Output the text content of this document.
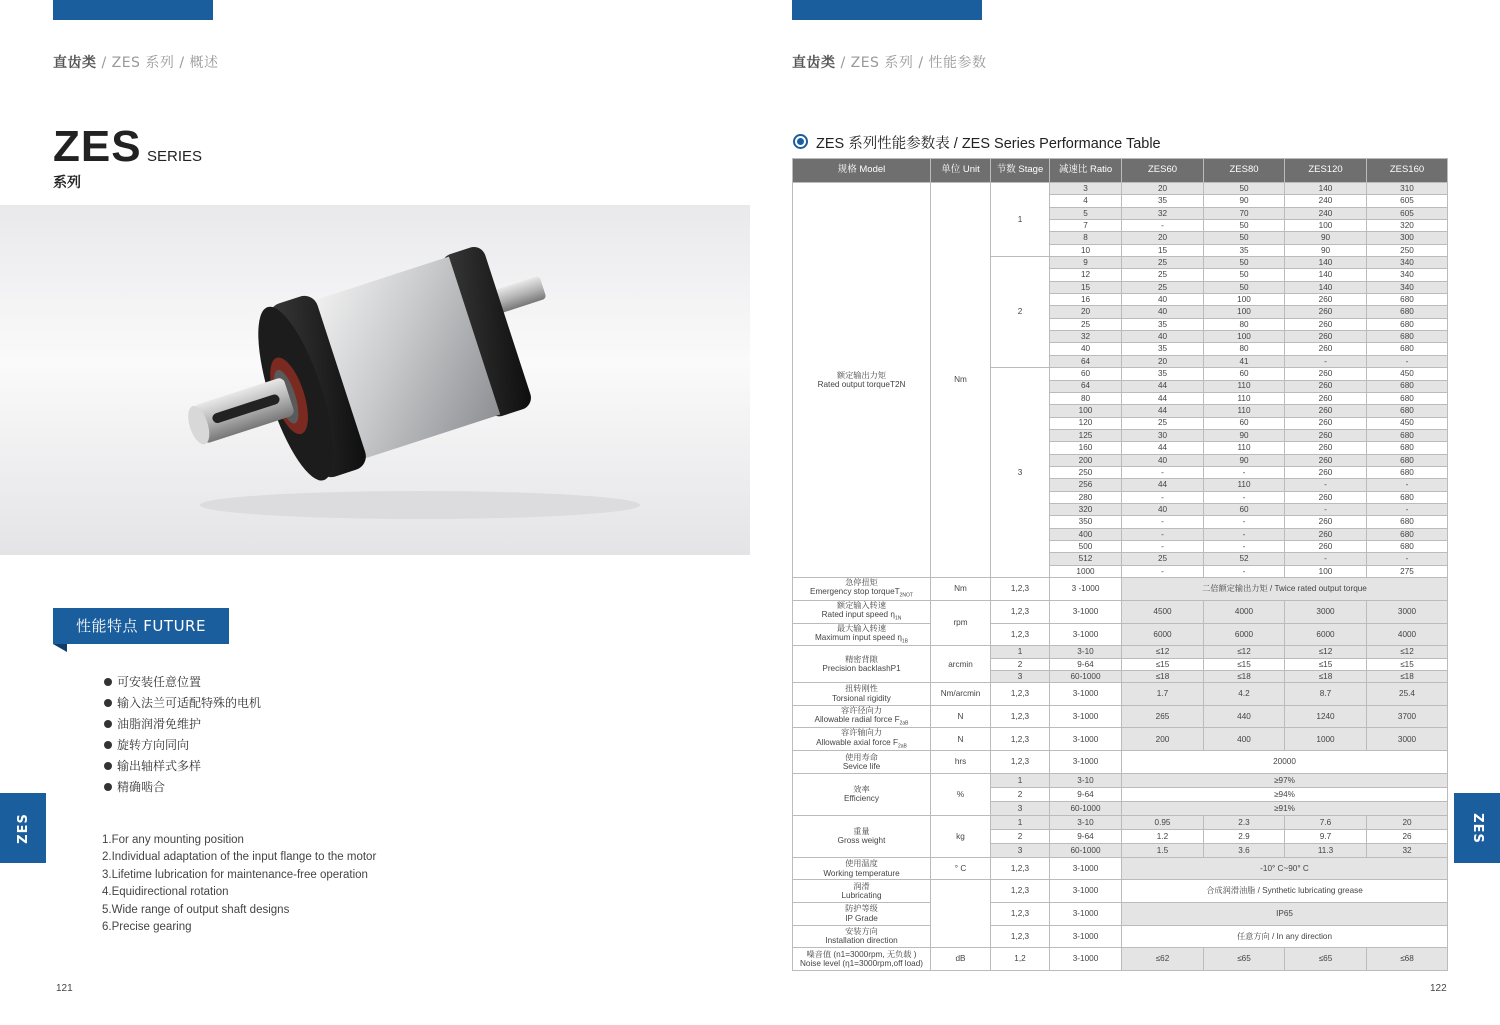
直齿类 / ZES 系列 / 概述
ZES SERIES
系列
性能特点 FUTURE
可安装任意位置
输入法兰可适配特殊的电机
油脂润滑免维护
旋转方向同向
输出轴样式多样
精确啮合
1.For any mounting position
2.Individual adaptation of the input flange to the motor
3.Lifetime lubrication for maintenance-free operation
4.Equidirectional rotation
5.Wide range of output shaft designs
6.Precise gearing
ZES
121
直齿类 / ZES 系列 / 性能参数
ZES
122
ZES 系列性能参数表 / ZES Series Performance Table
规格 Model	单位 Unit	节数 Stage	减速比 Ratio	ZES60	ZES80	ZES120	ZES160
额定输出力矩
Rated output torqueT2N	Nm	1	3	20	50	140	310
			4	35	90	240	605
			5	32	70	240	605
			7	-	50	100	320
			8	20	50	90	300
			10	15	35	90	250
		2	9	25	50	140	340
			12	25	50	140	340
			15	25	50	140	340
			16	40	100	260	680
			20	40	100	260	680
			25	35	80	260	680
			32	40	100	260	680
			40	35	80	260	680
			64	20	41	-	-
		3	60	35	60	260	450
			64	44	110	260	680
			80	44	110	260	680
			100	44	110	260	680
			120	25	60	260	450
			125	30	90	260	680
			160	44	110	260	680
			200	40	90	260	680
			250	-	-	260	680
			256	44	110	-	-
			280	-	-	260	680
			320	40	60	-	-
			350	-	-	260	680
			400	-	-	260	680
			500	-	-	260	680
			512	25	52	-	-
			1000	-	-	100	275
急停扭矩
Emergency stop torqueT$_{2NOT}$	Nm	1,2,3	3 -1000	二倍额定输出力矩 / Twice rated output torque			
额定输入转速
Rated input speed $\eta_{1N}$	rpm	1,2,3	3-1000	4500	4000	3000	3000
最大输入转速
Maximum input speed $\eta_{1B}$		1,2,3	3-1000	6000	6000	6000	4000
精密背隙
Precision backlashP1	arcmin	1	3-10	≤12	≤12	≤12	≤12
		2	9-64	≤15	≤15	≤15	≤15
		3	60-1000	≤18	≤18	≤18	≤18
扭转刚性
Torsional rigidity	Nm/arcmin	1,2,3	3-1000	1.7	4.2	8.7	25.4
容许径向力
Allowable radial force $F_{2aB}$	N	1,2,3	3-1000	265	440	1240	3700
容许轴向力
Allowable axial force $F_{2aB}$	N	1,2,3	3-1000	200	400	1000	3000
使用寿命
Sevice life	hrs	1,2,3	3-1000	20000			
效率
Efficiency	%	1	3-10	≥97%			
		2	9-64	≥94%			
		3	60-1000	≥91%			
重量
Gross weight	kg	1	3-10	0.95	2.3	7.6	20
		2	9-64	1.2	2.9	9.7	26
		3	60-1000	1.5	3.6	11.3	32
使用温度
Working temperature	° C	1,2,3	3-1000	-10° C~90° C			
润滑
Lubricating		1,2,3	3-1000	合成润滑油脂 / Synthetic lubricating grease			
防护等级
IP Grade		1,2,3	3-1000	IP65			
安装方向
Installation direction		1,2,3	3-1000	任意方向 / In any direction			
噪音值 (n1=3000rpm, 无负载 )
Noise level (η1=3000rpm,off load)	dB	1,2	3-1000	≤62	≤65	≤65	≤68
